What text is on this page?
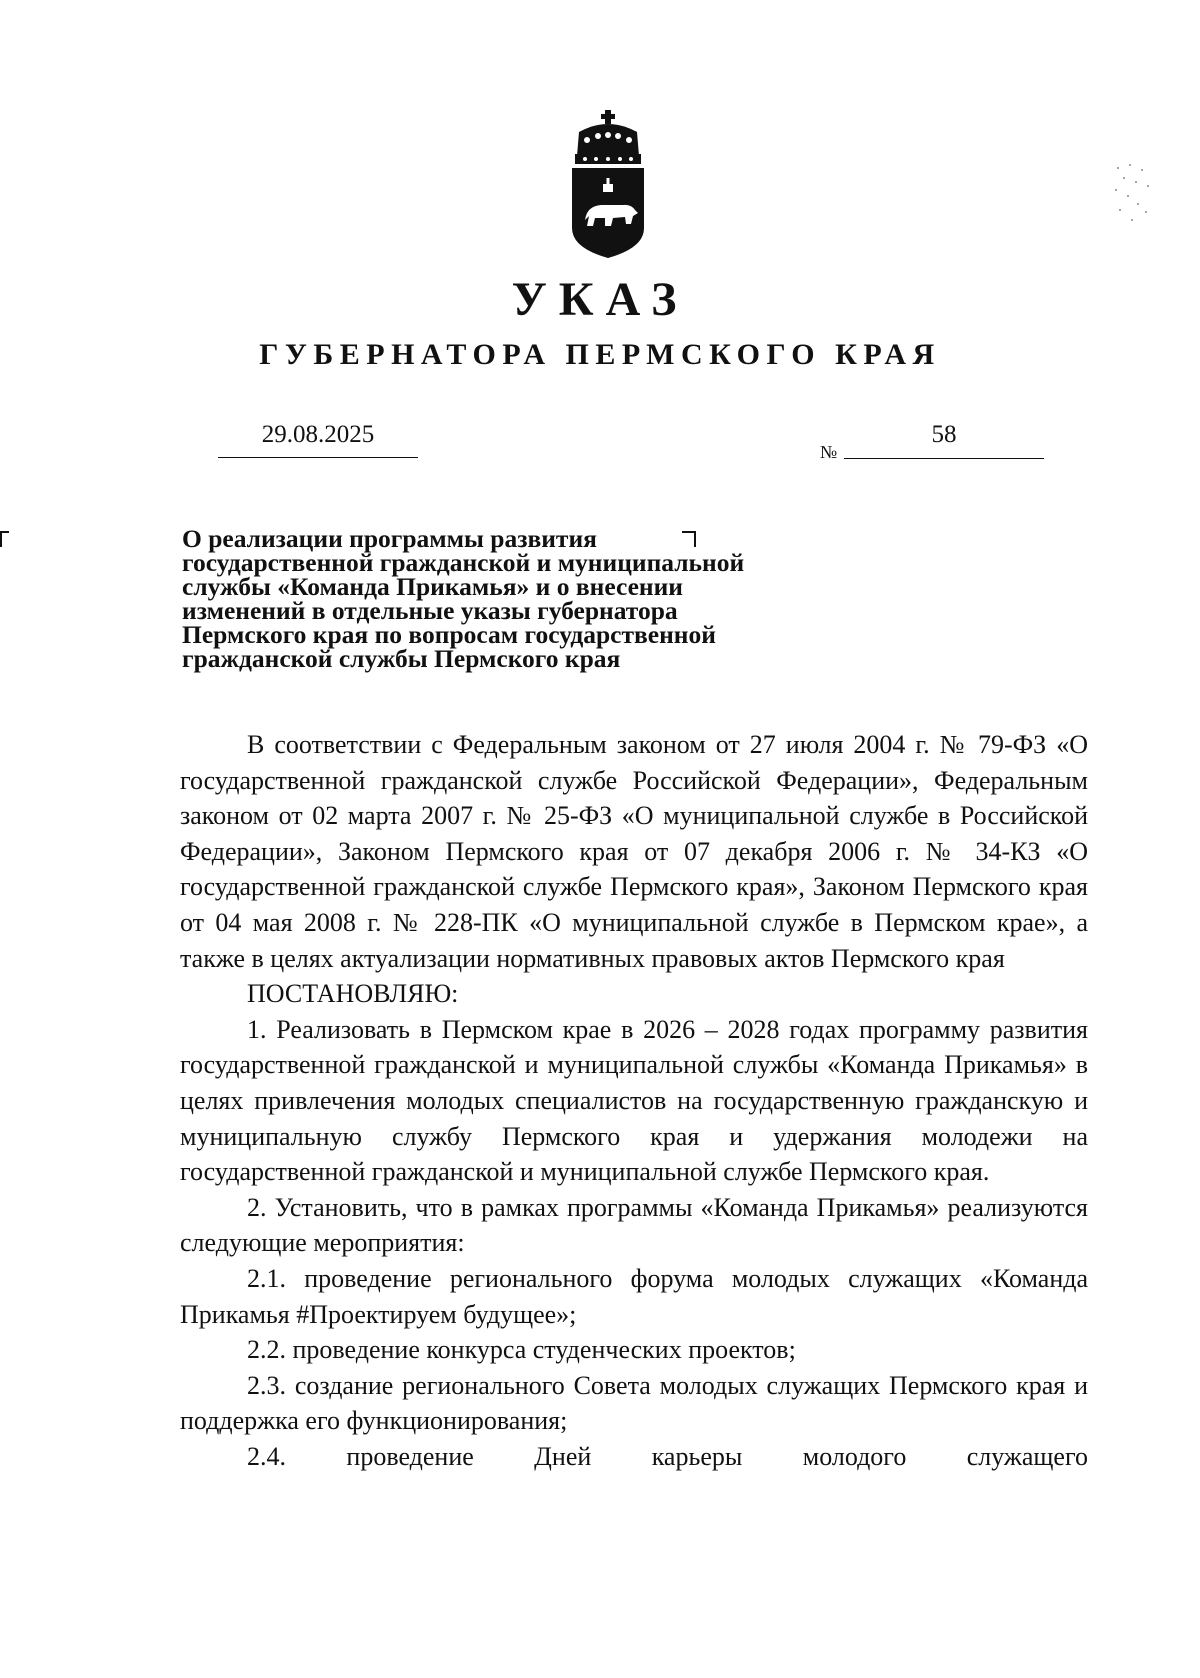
УКАЗ
ГУБЕРНАТОРА ПЕРМСКОГО КРАЯ
29.08.2025
№
58
О реализации программы развития
государственной гражданской и муниципальной
службы «Команда Прикамья» и о внесении
изменений в отдельные указы губернатора
Пермского края по вопросам государственной
гражданской службы Пермского края

В соответствии с Федеральным законом от 27 июля 2004 г. № 79-ФЗ «О государственной гражданской службе Российской Федерации», Федеральным законом от 02 марта 2007 г. № 25-ФЗ «О муниципальной службе в Российской Федерации», Законом Пермского края от 07 декабря 2006 г. № 34-КЗ «О государственной гражданской службе Пермского края», Законом Пермского края от 04 мая 2008 г. № 228-ПК «О муниципальной службе в Пермском крае», а также в целях актуализации нормативных правовых актов Пермского края

ПОСТАНОВЛЯЮ:

1. Реализовать в Пермском крае в 2026 – 2028 годах программу развития государственной гражданской и муниципальной службы «Команда Прикамья» в целях привлечения молодых специалистов на государственную гражданскую и муниципальную службу Пермского края и удержания молодежи на государственной гражданской и муниципальной службе Пермского края.

2. Установить, что в рамках программы «Команда Прикамья» реализуются следующие мероприятия:

2.1. проведение регионального форума молодых служащих «Команда Прикамья #Проектируем будущее»;

2.2. проведение конкурса студенческих проектов;

2.3. создание регионального Совета молодых служащих Пермского края и поддержка его функционирования;

2.4. проведение Дней карьеры молодого служащего
